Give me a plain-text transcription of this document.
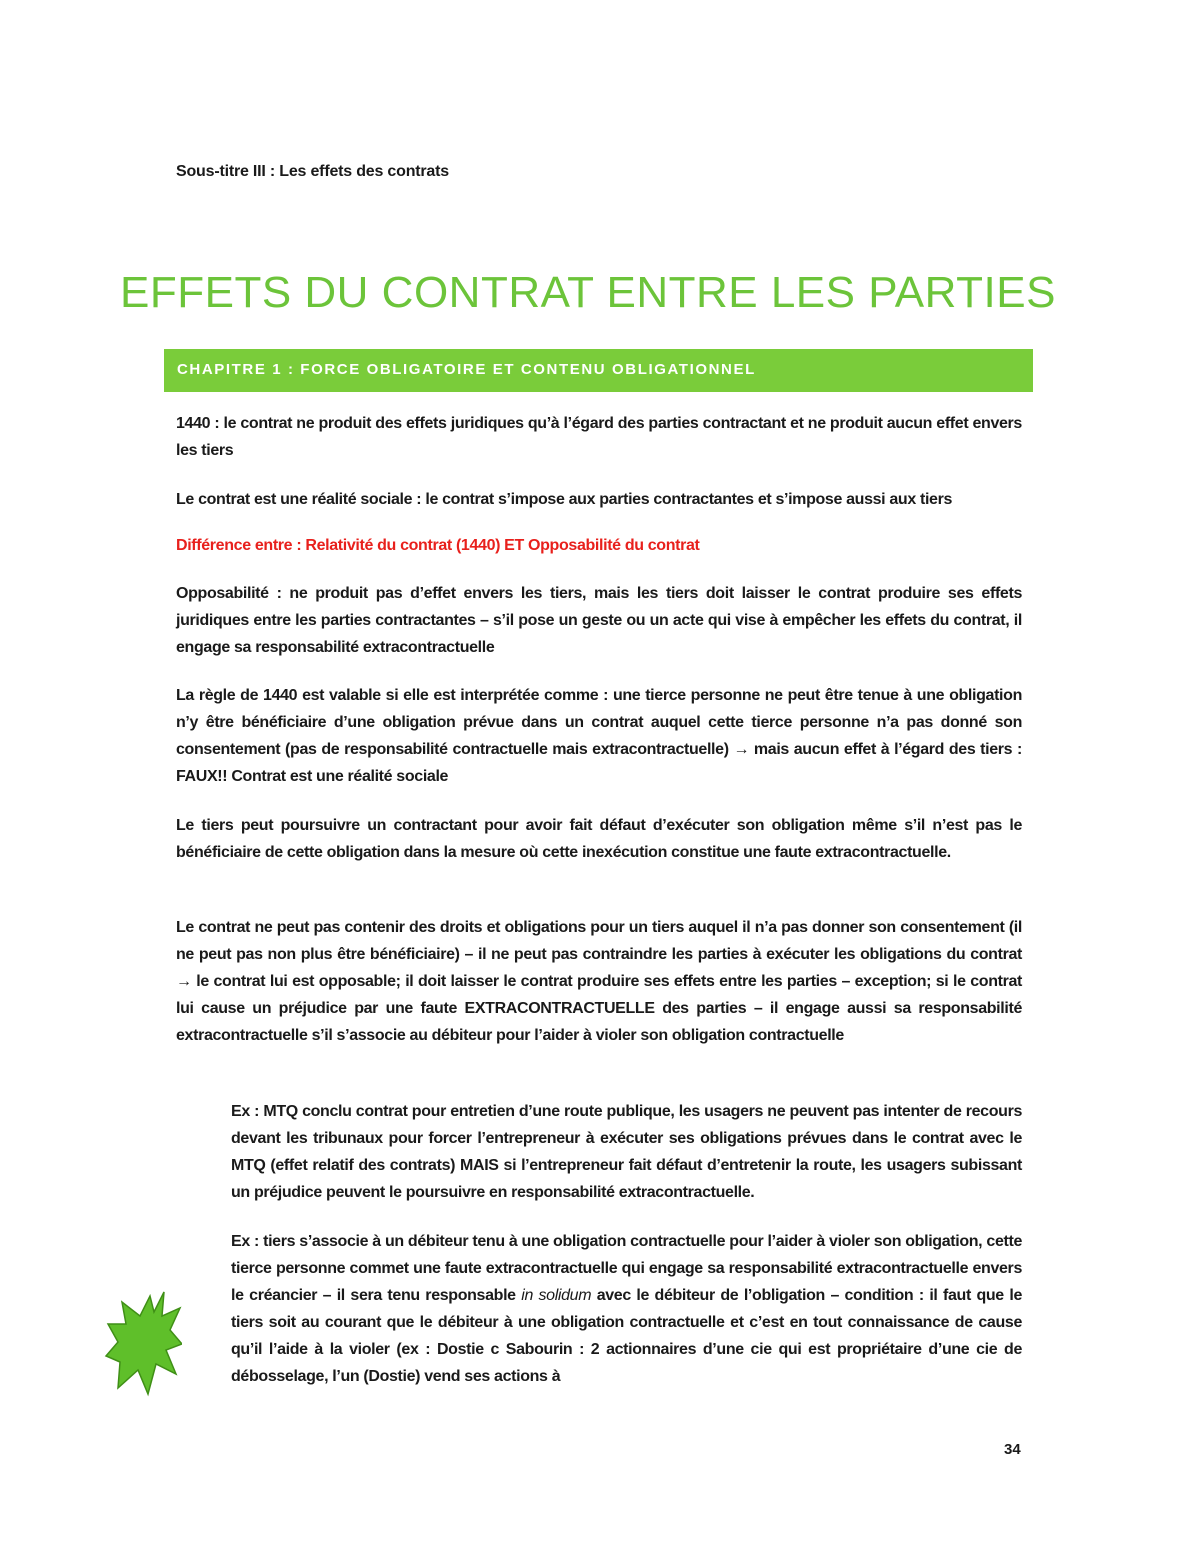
Sous-titre III : Les effets des contrats
EFFETS DU CONTRAT ENTRE LES PARTIES
CHAPITRE 1 : FORCE OBLIGATOIRE ET CONTENU OBLIGATIONNEL
1440 : le contrat ne produit des effets juridiques qu’à l’égard des parties contractant et ne produit aucun effet envers les tiers
Le contrat est une réalité sociale : le contrat s’impose aux parties contractantes et s’impose aussi aux tiers
Différence entre : Relativité du contrat (1440) ET Opposabilité du contrat
Opposabilité : ne produit pas d’effet envers les tiers, mais les tiers doit laisser le contrat produire ses effets juridiques entre les parties contractantes – s’il pose un geste ou un acte qui vise à empêcher les effets du contrat, il engage sa responsabilité extracontractuelle
La règle de 1440 est valable si elle est interprétée comme : une tierce personne ne peut être tenue à une obligation n’y être bénéficiaire d’une obligation prévue dans un contrat auquel cette tierce personne n’a pas donné son consentement (pas de responsabilité contractuelle mais extracontractuelle) → mais aucun effet à l’égard des tiers : FAUX!! Contrat est une réalité sociale
Le tiers peut poursuivre un contractant pour avoir fait défaut d’exécuter son obligation même s’il n’est pas le bénéficiaire de cette obligation dans la mesure où cette inexécution constitue une faute extracontractuelle.
Le contrat ne peut pas contenir des droits et obligations pour un tiers auquel il n’a pas donner son consentement (il ne peut pas non plus être bénéficiaire) – il ne peut pas contraindre les parties à exécuter les obligations du contrat → le contrat lui est opposable; il doit laisser le contrat produire ses effets entre les parties – exception; si le contrat lui cause un préjudice par une faute EXTRACONTRACTUELLE des parties – il engage aussi sa responsabilité extracontractuelle s’il s’associe au débiteur pour l’aider à violer son obligation contractuelle
Ex : MTQ conclu contrat pour entretien d’une route publique, les usagers ne peuvent pas intenter de recours devant les tribunaux pour forcer l’entrepreneur à exécuter ses obligations prévues dans le contrat avec le MTQ (effet relatif des contrats) MAIS si l’entrepreneur fait défaut d’entretenir la route, les usagers subissant un préjudice peuvent le poursuivre en responsabilité extracontractuelle.
Ex : tiers s’associe à un débiteur tenu à une obligation contractuelle pour l’aider à violer son obligation, cette tierce personne commet une faute extracontractuelle qui engage sa responsabilité extracontractuelle envers le créancier – il sera tenu responsable in solidum avec le débiteur de l’obligation – condition : il faut que le tiers soit au courant que le débiteur à une obligation contractuelle et c’est en tout connaissance de cause qu’il l’aide à la violer (ex : Dostie c Sabourin : 2 actionnaires d’une cie qui est propriétaire d’une cie de débosselage, l’un (Dostie) vend ses actions à
34
